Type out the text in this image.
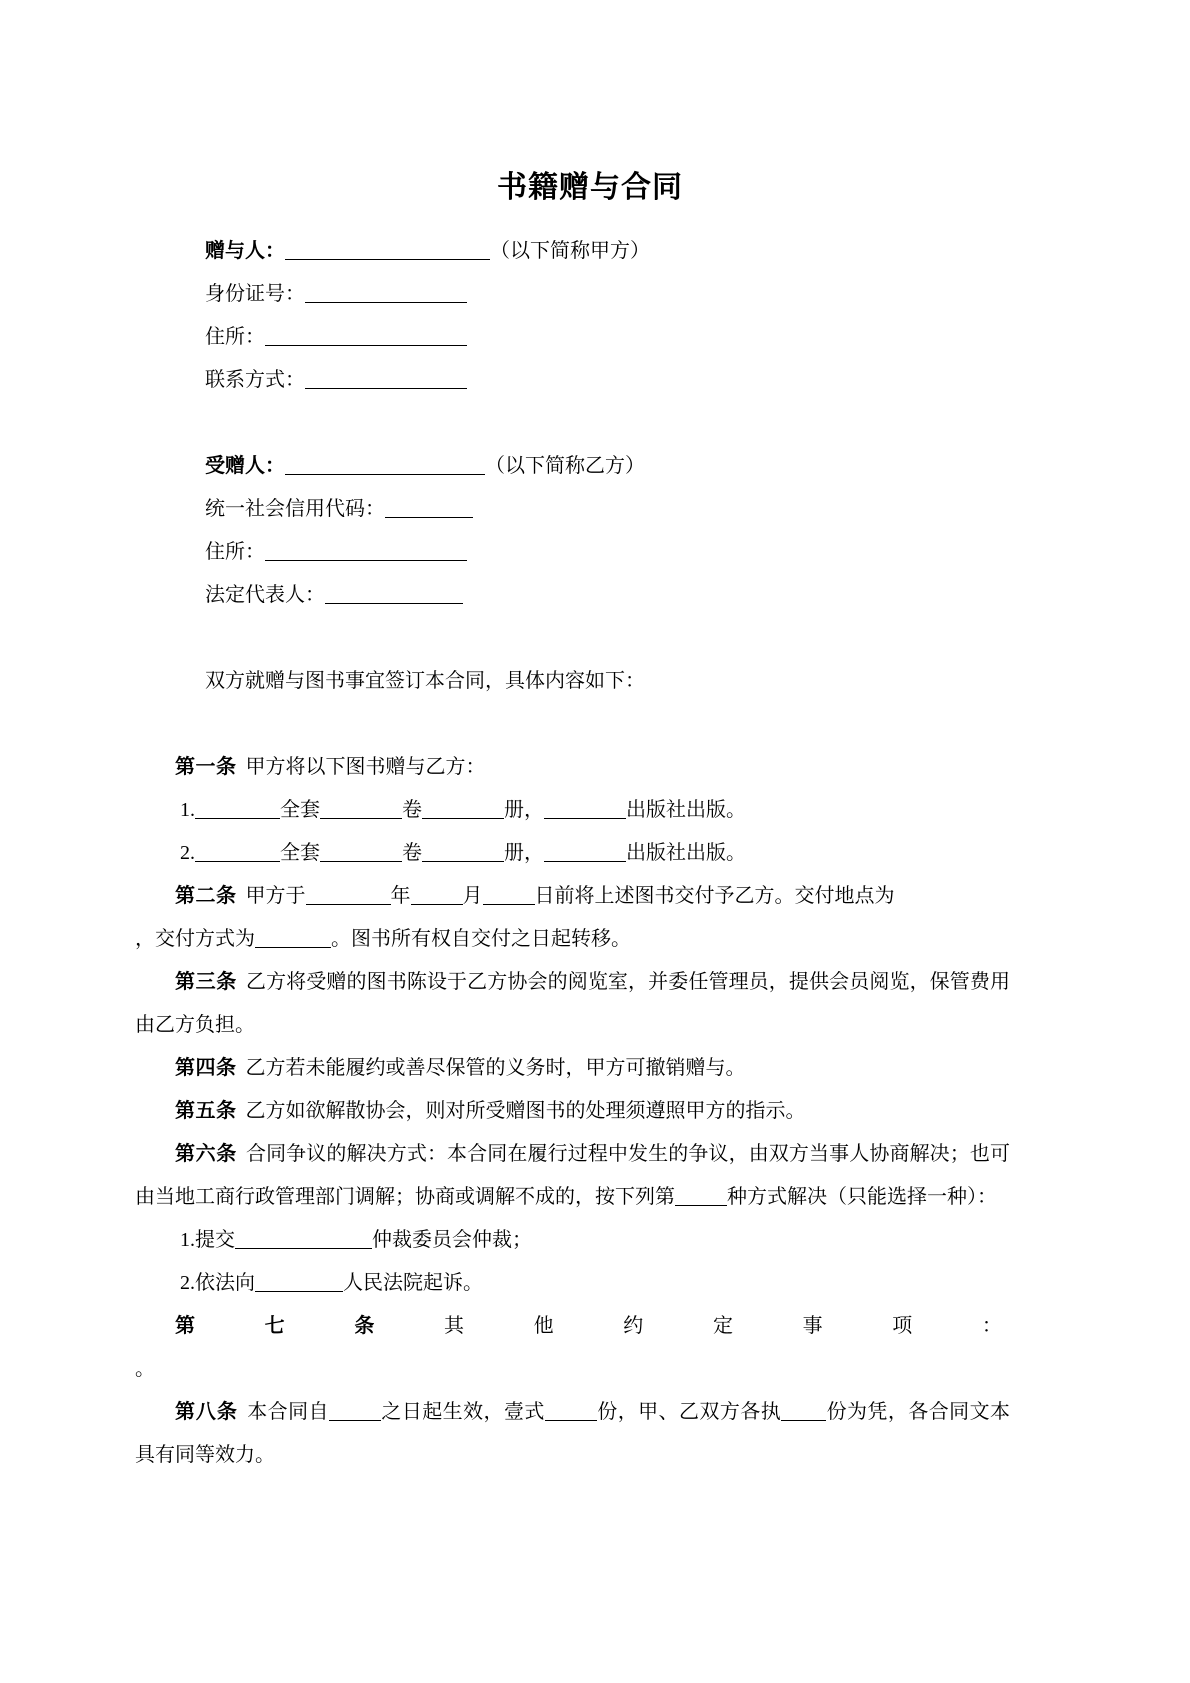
书籍赠与合同
赠与人：	（以下简称甲方）
身份证号：
住所：
联系方式：
受赠人：	（以下简称乙方）
统一社会信用代码：
住所：
法定代表人：
双方就赠与图书事宜签订本合同，具体内容如下：

第一条 甲方将以下图书赠与乙方：

1.	全套	卷	册，	出版社出版。

2.	全套	卷	册，	出版社出版。

第二条 甲方于	年	月	日前将上述图书交付予乙方。交付地点为

，交付方式为	。图书所有权自交付之日起转移。

第三条 乙方将受赠的图书陈设于乙方协会的阅览室，并委任管理员，提供会员阅览，保管费用由乙方负担。

第四条 乙方若未能履约或善尽保管的义务时，甲方可撤销赠与。

第五条 乙方如欲解散协会，则对所受赠图书的处理须遵照甲方的指示。

第六条 合同争议的解决方式：本合同在履行过程中发生的争议，由双方当事人协商解决；也可由当地工商行政管理部门调解；协商或调解不成的，按下列第	种方式解决（只能选择一种）：

1.提交	仲裁委员会仲裁；

2.依法向	人民法院起诉。

第	七	条	其	他	约	定	事	项	：

。

第八条 本合同自	之日起生效，壹式	份，甲、乙双方各执 份为凭，各合同文本具有同等效力。
